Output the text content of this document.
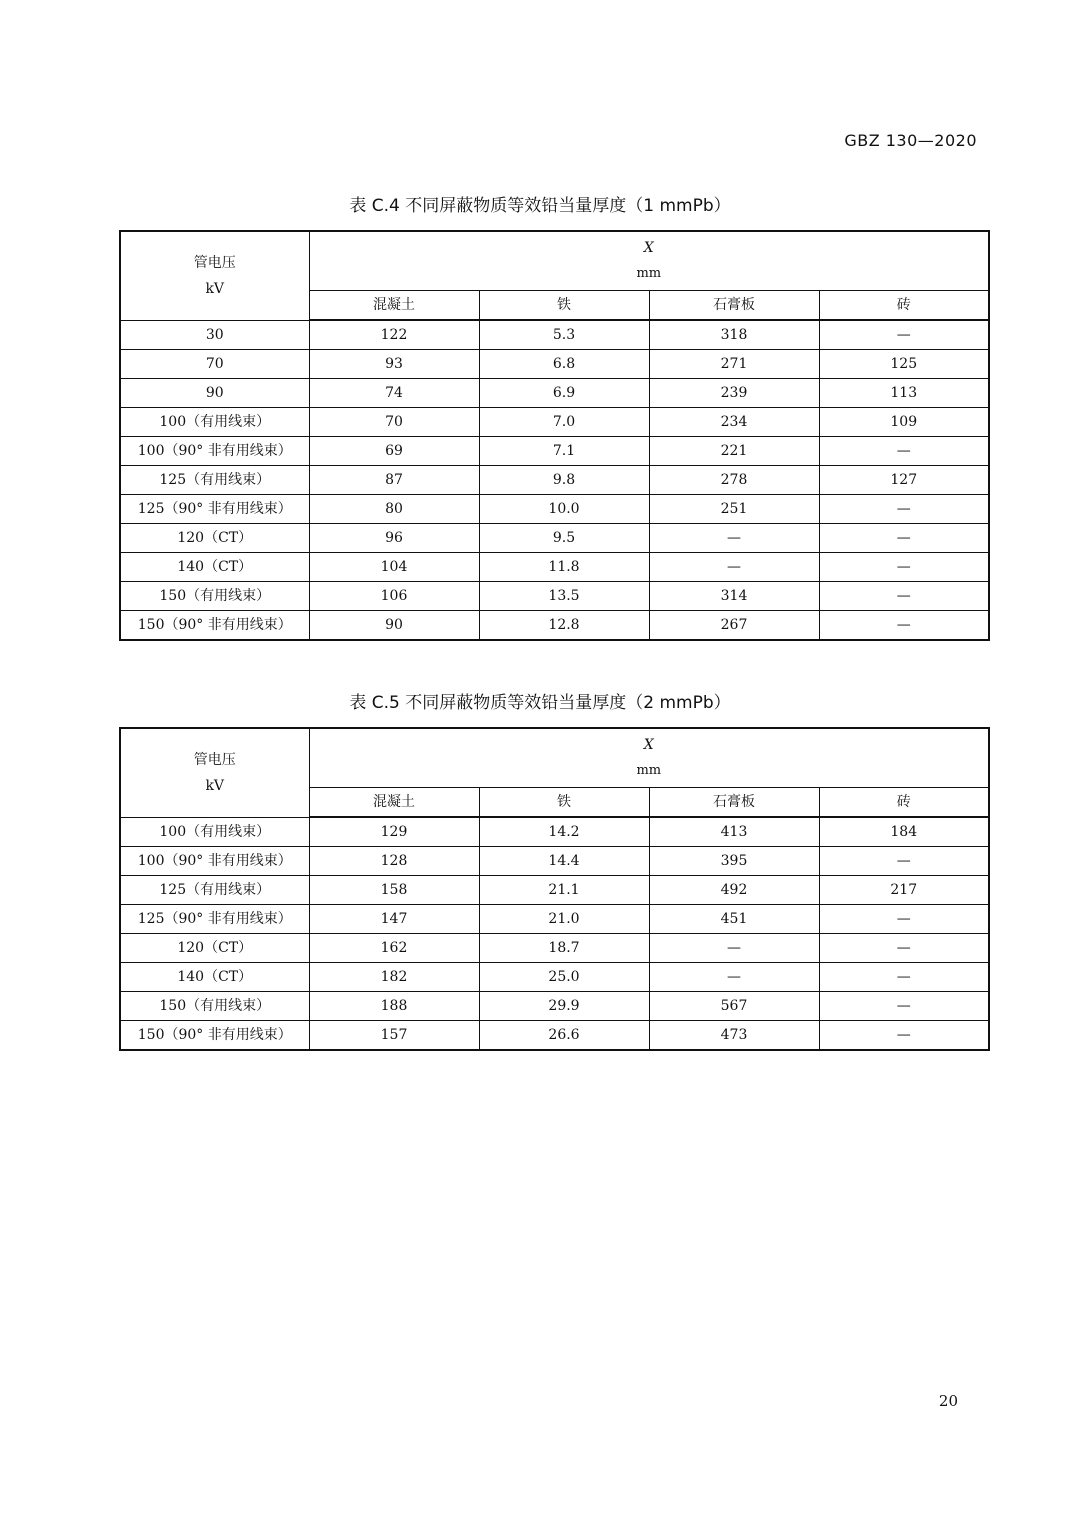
GBZ 130—2020
表 C.4 不同屏蔽物质等效铅当量厚度（1 mmPb）
管电压
kV	X
mm			

	混凝土	铁	石膏板	砖
30	122	5.3	318	—
70	93	6.8	271	125
90	74	6.9	239	113
100（有用线束）	70	7.0	234	109
100（90° 非有用线束）	69	7.1	221	—
125（有用线束）	87	9.8	278	127
125（90° 非有用线束）	80	10.0	251	—
120（CT）	96	9.5	—	—
140（CT）	104	11.8	—	—
150（有用线束）	106	13.5	314	—
150（90° 非有用线束）	90	12.8	267	—
表 C.5 不同屏蔽物质等效铅当量厚度（2 mmPb）
管电压
kV	X
mm			

	混凝土	铁	石膏板	砖
100（有用线束）	129	14.2	413	184
100（90° 非有用线束）	128	14.4	395	—
125（有用线束）	158	21.1	492	217
125（90° 非有用线束）	147	21.0	451	—
120（CT）	162	18.7	—	—
140（CT）	182	25.0	—	—
150（有用线束）	188	29.9	567	—
150（90° 非有用线束）	157	26.6	473	—
20
